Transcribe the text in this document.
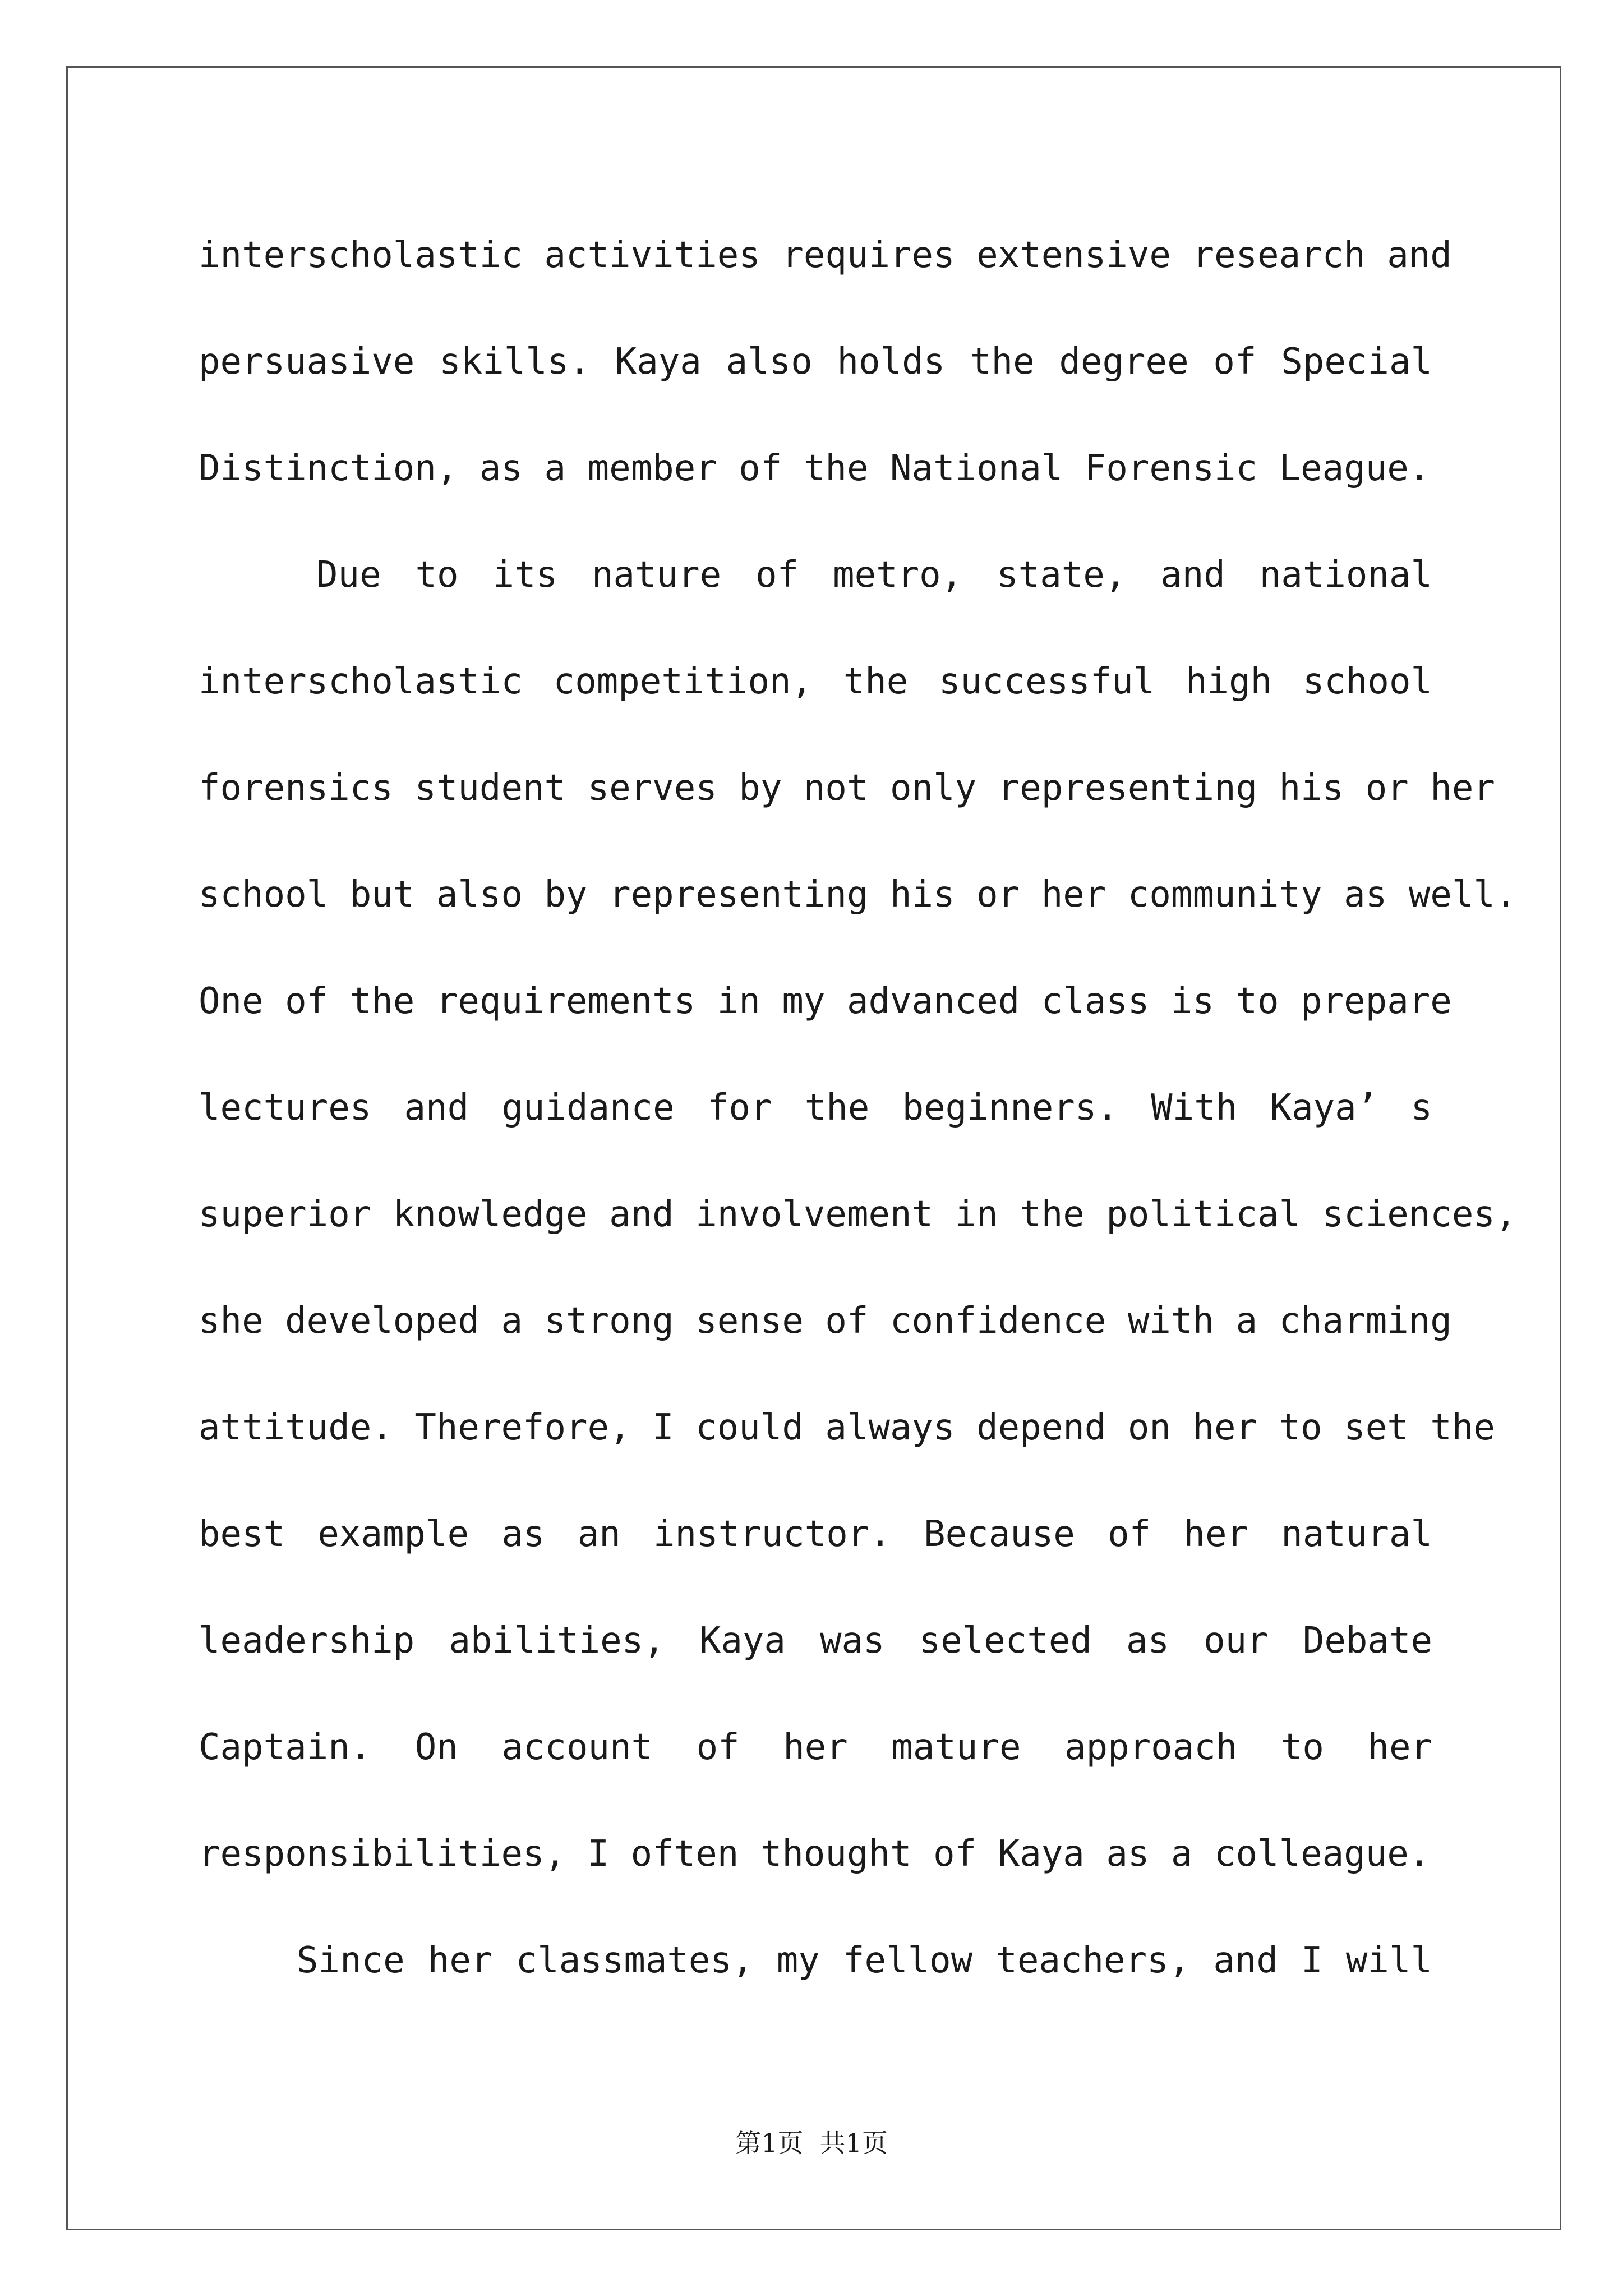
interscholastic activities requires extensive research and
persuasive skills. Kaya also holds the degree of Special
Distinction, as a member of the National Forensic League.
Due to its nature of metro, state, and national
interscholastic competition, the successful high school
forensics student serves by not only representing his or her
school but also by representing his or her community as well.
One of the requirements in my advanced class is to prepare
lectures and guidance for the beginners. With Kaya’ s
superior knowledge and involvement in the political sciences,
she developed a strong sense of confidence with a charming
attitude. Therefore, I could always depend on her to set the
best example as an instructor. Because of her natural
leadership abilities, Kaya was selected as our Debate
Captain. On account of her mature approach to her
responsibilities, I often thought of Kaya as a colleague.
Since her classmates, my fellow teachers, and I will
第1页  共1页
